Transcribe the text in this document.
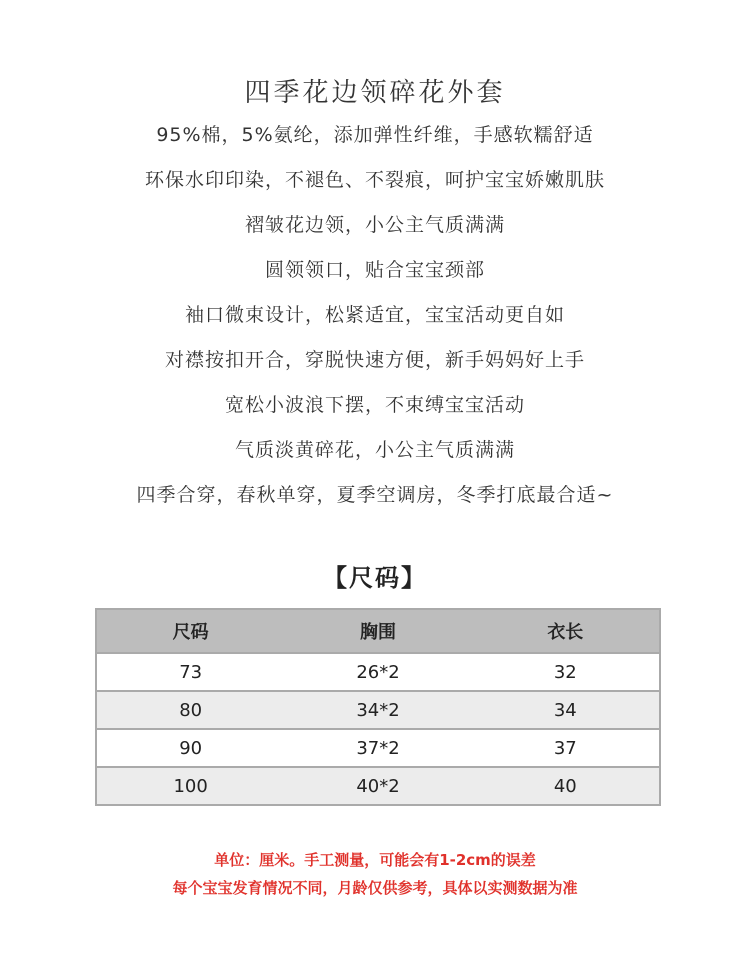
四季花边领碎花外套
95%棉，5%氨纶，添加弹性纤维，手感软糯舒适
环保水印印染，不褪色、不裂痕，呵护宝宝娇嫩肌肤
褶皱花边领，小公主气质满满
圆领领口，贴合宝宝颈部
袖口微束设计，松紧适宜，宝宝活动更自如
对襟按扣开合，穿脱快速方便，新手妈妈好上手
宽松小波浪下摆，不束缚宝宝活动
气质淡黄碎花，小公主气质满满
四季合穿，春秋单穿，夏季空调房，冬季打底最合适~
【尺码】
尺码	胸围	衣长
73	26*2	32
80	34*2	34
90	37*2	37
100	40*2	40
单位：厘米。手工测量，可能会有1-2cm的误差
每个宝宝发育情况不同，月龄仅供参考，具体以实测数据为准
